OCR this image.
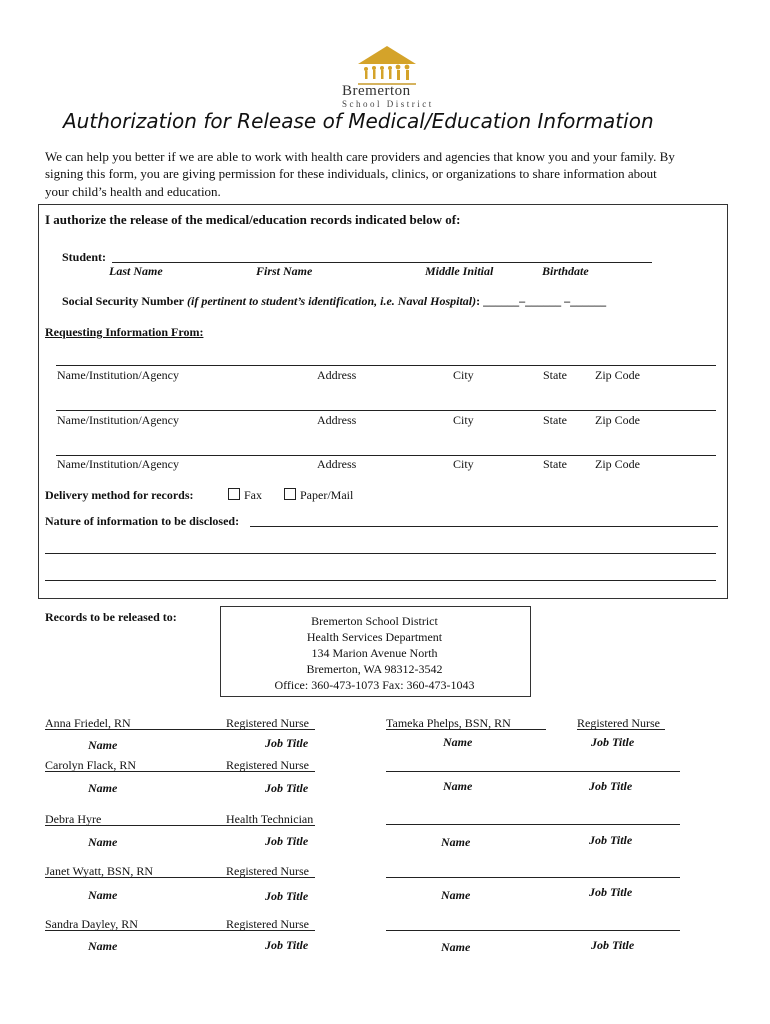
Bremerton
School District
Authorization for Release of Medical/Education Information
We can help you better if we are able to work with health care providers and agencies that know you and your family. By
signing this form, you are giving permission for these individuals, clinics, or organizations to share information about
your child’s health and education.
I authorize the release of the medical/education records indicated below of:
Student:
Last Name	First Name	Middle Initial	Birthdate
Social Security Number (if pertinent to student’s identification, i.e. Naval Hospital): ______–______ –______
Requesting Information From:
Name/Institution/Agency	Address	City	State Zip Code
Name/Institution/Agency	Address	City	State Zip Code
Name/Institution/Agency	Address	City	State Zip Code
Delivery method for records:	Fax	Paper/Mail
Nature of information to be disclosed:
Records to be released to:	Bremerton School District
Health Services Department
134 Marion Avenue North
Bremerton, WA 98312-3542
Office: 360-473-1073 Fax: 360-473-1043
Anna Friedel, RN	Registered Nurse
Name	Job Title
Carolyn Flack, RN	Registered Nurse
Name	Job Title
Debra Hyre	Health Technician
Name	Job Title
Janet Wyatt, BSN, RN	Registered Nurse
Name	Job Title
Sandra Dayley, RN	Registered Nurse
Name	Job Title
Tameka Phelps, BSN, RN	Registered Nurse
Name	Job Title
Name	Job Title
Name	Job Title
Name	Job Title
Name	Job Title
